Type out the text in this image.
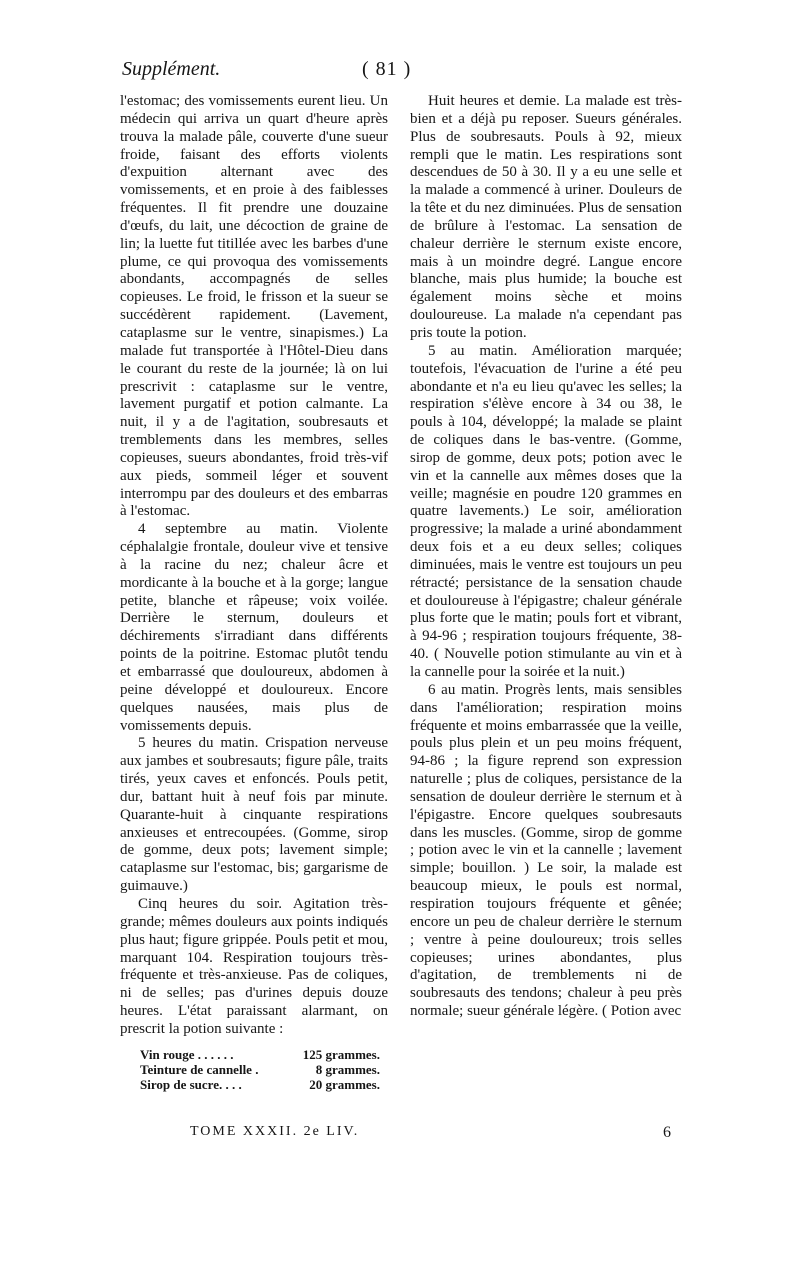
Supplément.	( 81 )

l'estomac; des vomissements eurent lieu. Un médecin qui arriva un quart d'heure après trouva la malade pâle, couverte d'une sueur froide, faisant des efforts violents d'expuition alternant avec des vomissements, et en proie à des faiblesses fréquentes. Il fit prendre une douzaine d'œufs, du lait, une décoction de graine de lin; la luette fut titillée avec les barbes d'une plume, ce qui provoqua des vomissements abondants, accompagnés de selles copieuses. Le froid, le frisson et la sueur se succédèrent rapidement. (Lavement, cataplasme sur le ventre, sinapismes.) La malade fut transportée à l'Hôtel-Dieu dans le courant du reste de la journée; là on lui prescrivit : cataplasme sur le ventre, lavement purgatif et potion calmante. La nuit, il y a de l'agitation, soubresauts et tremblements dans les membres, selles copieuses, sueurs abondantes, froid très-vif aux pieds, sommeil léger et souvent interrompu par des douleurs et des embarras à l'estomac.

4 septembre au matin. Violente céphalalgie frontale, douleur vive et tensive à la racine du nez; chaleur âcre et mordicante à la bouche et à la gorge; langue petite, blanche et râpeuse; voix voilée. Derrière le sternum, douleurs et déchirements s'irradiant dans différents points de la poitrine. Estomac plutôt tendu et embarrassé que douloureux, abdomen à peine développé et douloureux. Encore quelques nausées, mais plus de vomissements depuis.

5 heures du matin. Crispation nerveuse aux jambes et soubresauts; figure pâle, traits tirés, yeux caves et enfoncés. Pouls petit, dur, battant huit à neuf fois par minute. Quarante-huit à cinquante respirations anxieuses et entrecoupées. (Gomme, sirop de gomme, deux pots; lavement simple; cataplasme sur l'estomac, bis; gargarisme de guimauve.)

Cinq heures du soir. Agitation très-grande; mêmes douleurs aux points indiqués plus haut; figure grippée. Pouls petit et mou, marquant 104. Respiration toujours très-fréquente et très-anxieuse. Pas de coliques, ni de selles; pas d'urines depuis douze heures. L'état paraissant alarmant, on prescrit la potion suivante :

Vin rouge . . . . . .	125 grammes.
Teinture de cannelle .	8 grammes.
Sirop de sucre. . . .	20 grammes.

Huit heures et demie. La malade est très-bien et a déjà pu reposer. Sueurs générales. Plus de soubresauts. Pouls à 92, mieux rempli que le matin. Les respirations sont descendues de 50 à 30. Il y a eu une selle et la malade a commencé à uriner. Douleurs de la tête et du nez diminuées. Plus de sensation de brûlure à l'estomac. La sensation de chaleur derrière le sternum existe encore, mais à un moindre degré. Langue encore blanche, mais plus humide; la bouche est également moins sèche et moins douloureuse. La malade n'a cependant pas pris toute la potion.

5 au matin. Amélioration marquée; toutefois, l'évacuation de l'urine a été peu abondante et n'a eu lieu qu'avec les selles; la respiration s'élève encore à 34 ou 38, le pouls à 104, développé; la malade se plaint de coliques dans le bas-ventre. (Gomme, sirop de gomme, deux pots; potion avec le vin et la cannelle aux mêmes doses que la veille; magnésie en poudre 120 grammes en quatre lavements.) Le soir, amélioration progressive; la malade a uriné abondamment deux fois et a eu deux selles; coliques diminuées, mais le ventre est toujours un peu rétracté; persistance de la sensation chaude et douloureuse à l'épigastre; chaleur générale plus forte que le matin; pouls fort et vibrant, à 94-96 ; respiration toujours fréquente, 38-40. ( Nouvelle potion stimulante au vin et à la cannelle pour la soirée et la nuit.)

6 au matin. Progrès lents, mais sensibles dans l'amélioration; respiration moins fréquente et moins embarrassée que la veille, pouls plus plein et un peu moins fréquent, 94-86 ; la figure reprend son expression naturelle ; plus de coliques, persistance de la sensation de douleur derrière le sternum et à l'épigastre. Encore quelques soubresauts dans les muscles. (Gomme, sirop de gomme ; potion avec le vin et la cannelle ; lavement simple; bouillon. ) Le soir, la malade est beaucoup mieux, le pouls est normal, respiration toujours fréquente et gênée; encore un peu de chaleur derrière le sternum ; ventre à peine douloureux; trois selles copieuses; urines abondantes, plus d'agitation, de tremblements ni de soubresauts des tendons; chaleur à peu près normale; sueur générale légère. ( Potion avec

TOME XXXII. 2e LIV.	6
